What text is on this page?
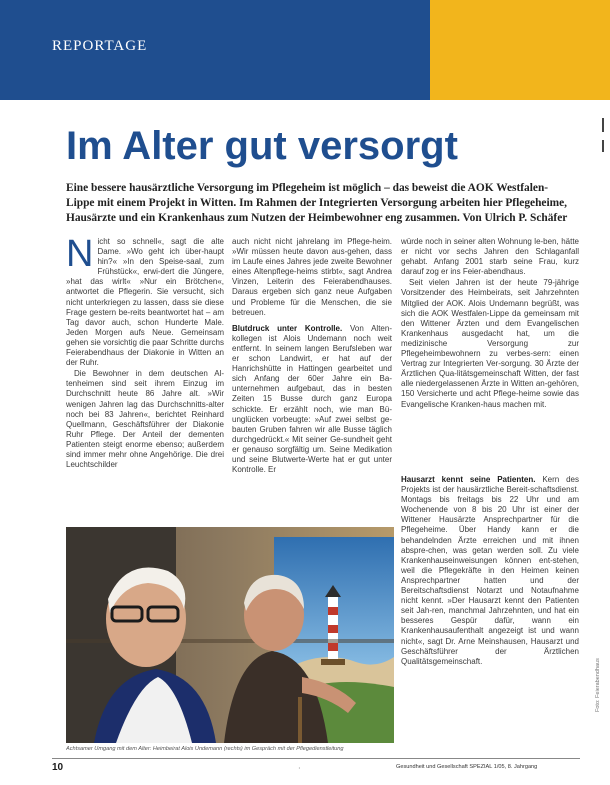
REPORTAGE
Im Alter gut versorgt

Eine bessere hausärztliche Versorgung im Pflegeheim ist möglich – das beweist die AOK Westfalen-Lippe mit einem Projekt in Witten. Im Rahmen der Integrierten Versorgung arbeiten hier Pflegeheime, Hausärzte und ein Krankenhaus zum Nutzen der Heimbewohner eng zusammen. Von Ulrich P. Schäfer

N icht so schnell«, sagt die alte Dame. »Wo geht ich über-haupt hin?« »In den Speise-saal, zum Frühstück«, erwi-dert die Jüngere, »hat das wirlt« »Nur ein Brötchen«, antwortet die Pflegerin. Sie versucht, sich nicht unterkriegen zu lassen, dass sie diese Frage gestern be-reits beantwortet hat – am Tag davor auch, schon Hunderte Male. Jeden Morgen aufs Neue. Gemeinsam gehen sie vorsichtig die paar Schritte durchs Feierabendhaus der Diakonie in Witten an der Ruhr.

Die Bewohner in dem deutschen Al-tenheimen sind seit ihrem Einzug im Durchschnitt heute 86 Jahre alt. »Wir wenigen Jahren lag das Durchschnitts-alter noch bei 83 Jahren«, berichtet Reinhard Quellmann, Geschäftsführer der Diakonie Ruhr Pflege. Der Anteil der dementen Patienten steigt enorme ebenso; außerdem sind immer mehr ohne Angehörige. Die drei Leuchtschilder

auch nicht nicht jahrelang im Pflege-heim. »Wir müssen heute davon aus-gehen, dass im Laufe eines Jahres jede zweite Bewohner eines Altenpflege-heims stirbt«, sagt Andrea Vinzen, Leiterin des Feierabendhauses. Daraus ergeben sich ganz neue Aufgaben und Probleme für die Menschen, die sie betreuen.

Blutdruck unter Kontrolle. Von Alten-kollegen ist Alois Undemann noch weit entfernt. In seinem langen Berufsleben war er schon Landwirt, er hat auf der Hanrichshütte in Hattingen gearbeitet und sich Anfang der 60er Jahre ein Ba-unternehmen aufgebaut, das in besten Zeiten 15 Busse durch ganz Europa schickte. Er erzählt noch, wie man Bü-unglücken vorbeugte: »Auf zwei selbst ge-bauten Gruben fahren wir alle Busse täglich durchgedrückt.« Mit seiner Ge-sundheit geht er genauso sorgfältig um. Seine Medikation und seine Blutwerte-Werte hat er gut unter Kontrolle. Er

würde noch in seiner alten Wohnung le-ben, hätte er nicht vor sechs Jahren den Schlaganfall gehabt. Anfang 2001 starb seine Frau, kurz darauf zog er ins Feier-abendhaus.

Seit vielen Jahren ist der heute 79-jährige Vorsitzender des Heimbeirats, seit Jahrzehnten Mitglied der AOK. Alois Undemann begrüßt, was sich die AOK Westfalen-Lippe da gemeinsam mit den Wittener Ärzten und dem Evangelischen Krankenhaus ausgedacht hat, um die medizinische Versorgung zur Pflegeheimbewohnern zu verbes-sern: einen Vertrag zur Integrierten Ver-sorgung. 30 Ärzte der Ärztlichen Qua-litätsgemeinschaft Witten, der fast alle niedergelassenen Ärzte in Witten an-gehören, 150 Versicherte und acht Pflege-heime sowie das Evangelische Kranken-haus machen mit.

Hausarzt kennt seine Patienten. Kern des Projekts ist der hausärztliche Bereit-schaftsdienst. Montags bis freitags bis 22 Uhr und am Wochenende von 8 bis 20 Uhr ist einer der Wittener Hausärzte Ansprechpartner für die Pflegeheime. Über Handy kann er die behandelnden Ärzte erreichen und mit ihnen abspre-chen, was getan werden soll. Zu viele Krankenhauseinweisungen können ent-stehen, weil die Pflegekräfte in den Heimen keinen Ansprechpartner hatten und der Bereitschaftsdienst Notarzt und Notaufnahme nicht kennt. »Der Hausarzt kennt den Patienten seit Jah-ren, manchmal Jahrzehnten, und hat ein besseres Gespür dafür, wann ein Krankenhausaufenthalt angezeigt ist und wann nicht«, sagt Dr. Arne Meinshausen, Hausarzt und Geschäftsführer der Ärztlichen Qualitätsgemeinschaft.

Achtsamer Umgang mit dem Alter: Heimbeirat Alois Undemann (rechts) im Gespräch mit der Pflegedienstleitung
Foto: Feierabendhaus
10	·	Gesundheit und Gesellschaft SPEZIAL 1/05, 8. Jahrgang
